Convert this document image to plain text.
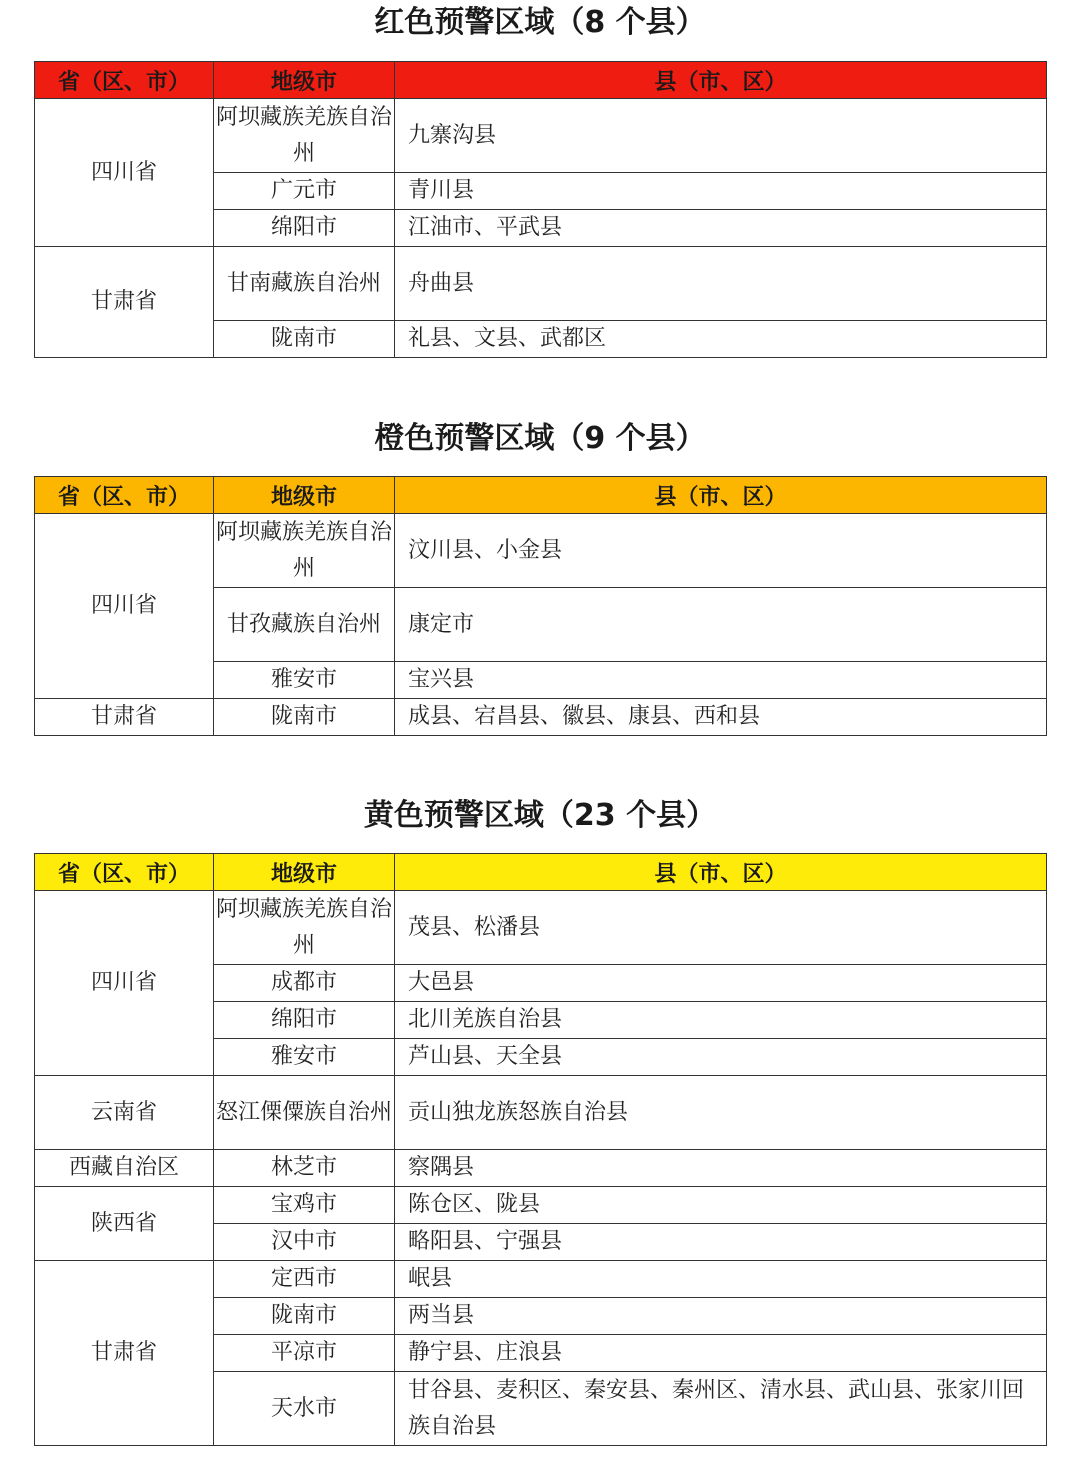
红色预警区域（8 个县）
省（区、市）	地级市	县（市、区）
四川省	阿坝藏族羌族自治州	九寨沟县
	广元市	青川县
	绵阳市	江油市、平武县
甘肃省	甘南藏族自治州	舟曲县
	陇南市	礼县、文县、武都区
橙色预警区域（9 个县）
省（区、市）	地级市	县（市、区）
四川省	阿坝藏族羌族自治州	汶川县、小金县
	甘孜藏族自治州	康定市
	雅安市	宝兴县
甘肃省	陇南市	成县、宕昌县、徽县、康县、西和县
黄色预警区域（23 个县）
省（区、市）	地级市	县（市、区）
四川省	阿坝藏族羌族自治州	茂县、松潘县
	成都市	大邑县
	绵阳市	北川羌族自治县
	雅安市	芦山县、天全县
云南省	怒江傈僳族自治州	贡山独龙族怒族自治县
西藏自治区	林芝市	察隅县
陕西省	宝鸡市	陈仓区、陇县
	汉中市	略阳县、宁强县
甘肃省	定西市	岷县
	陇南市	两当县
	平凉市	静宁县、庄浪县
	天水市	甘谷县、麦积区、秦安县、秦州区、清水县、武山县、张家川回族自治县
